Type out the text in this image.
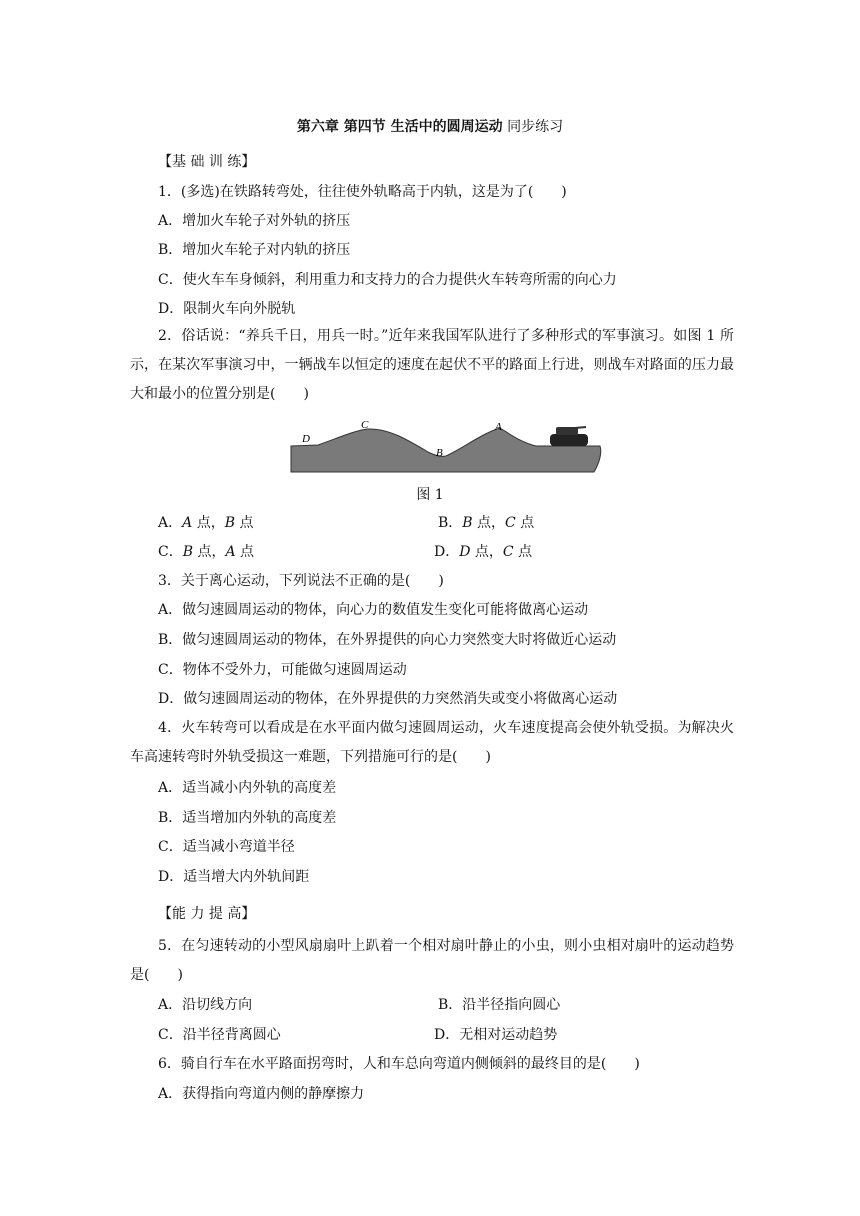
第六章 第四节 生活中的圆周运动 同步练习
【基 础 训 练】
1．(多选)在铁路转弯处，往往使外轨略高于内轨，这是为了( )
A．增加火车轮子对外轨的挤压
B．增加火车轮子对内轨的挤压
C．使火车车身倾斜，利用重力和支持力的合力提供火车转弯所需的向心力
D．限制火车向外脱轨
2．俗话说：“养兵千日，用兵一时。”近年来我国军队进行了多种形式的军事演习。如图 1 所示，在某次军事演习中，一辆战车以恒定的速度在起伏不平的路面上行进，则战车对路面的压力最大和最小的位置分别是( )
D
C
B
A
图 1
A．A 点，B 点	B．B 点，C 点
C．B 点，A 点	D．D 点，C 点
3．关于离心运动，下列说法不正确的是( )
A．做匀速圆周运动的物体，向心力的数值发生变化可能将做离心运动
B．做匀速圆周运动的物体，在外界提供的向心力突然变大时将做近心运动
C．物体不受外力，可能做匀速圆周运动
D．做匀速圆周运动的物体，在外界提供的力突然消失或变小将做离心运动
4．火车转弯可以看成是在水平面内做匀速圆周运动，火车速度提高会使外轨受损。为解决火车高速转弯时外轨受损这一难题，下列措施可行的是( )
A．适当减小内外轨的高度差
B．适当增加内外轨的高度差
C．适当减小弯道半径
D．适当增大内外轨间距
【能 力 提 高】
5．在匀速转动的小型风扇扇叶上趴着一个相对扇叶静止的小虫，则小虫相对扇叶的运动趋势是( )
A．沿切线方向	B．沿半径指向圆心
C．沿半径背离圆心	D．无相对运动趋势
6．骑自行车在水平路面拐弯时，人和车总向弯道内侧倾斜的最终目的是( )
A．获得指向弯道内侧的静摩擦力
